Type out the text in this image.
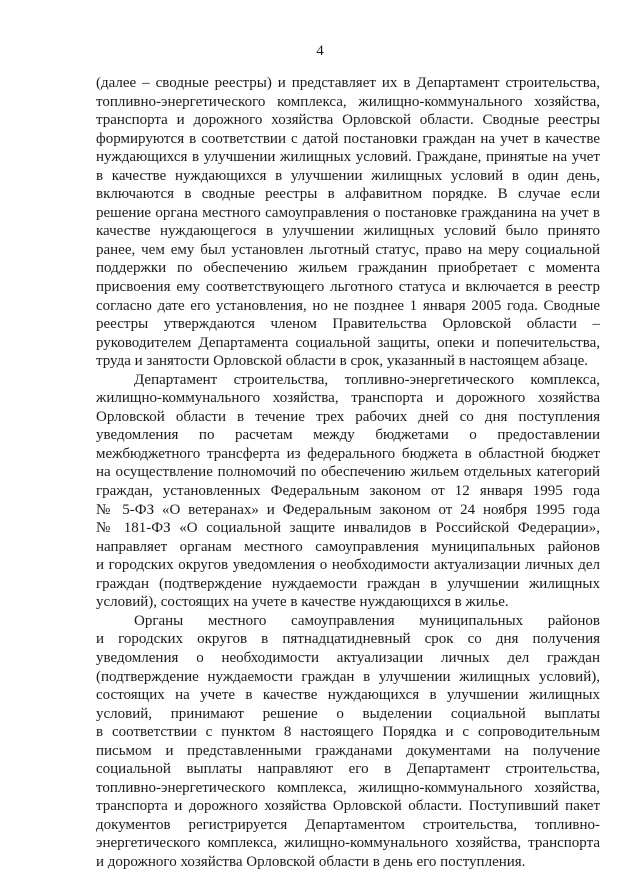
4

(далее – сводные реестры) и представляет их в Департамент строительства,

топливно-энергетического комплекса, жилищно-коммунального хозяйства,

транспорта и дорожного хозяйства Орловской области. Сводные реестры

формируются в соответствии с датой постановки граждан на учет в качестве

нуждающихся в улучшении жилищных условий. Граждане, принятые на учет

в качестве нуждающихся в улучшении жилищных условий в один день,

включаются в сводные реестры в алфавитном порядке. В случае если

решение органа местного самоуправления о постановке гражданина на учет в

качестве нуждающегося в улучшении жилищных условий было принято

ранее, чем ему был установлен льготный статус, право на меру социальной

поддержки по обеспечению жильем гражданин приобретает с момента

присвоения ему соответствующего льготного статуса и включается в реестр

согласно дате его установления, но не позднее 1 января 2005 года. Сводные

реестры утверждаются членом Правительства Орловской области –

руководителем Департамента социальной защиты, опеки и попечительства,

труда и занятости Орловской области в срок, указанный в настоящем абзаце.

Департамент строительства, топливно-энергетического комплекса,

жилищно-коммунального хозяйства, транспорта и дорожного хозяйства

Орловской области в течение трех рабочих дней со дня поступления

уведомления по расчетам между бюджетами о предоставлении

межбюджетного трансферта из федерального бюджета в областной бюджет

на осуществление полномочий по обеспечению жильем отдельных категорий

граждан, установленных Федеральным законом от 12 января 1995 года

№ 5-ФЗ «О ветеранах» и Федеральным законом от 24 ноября 1995 года

№ 181-ФЗ «О социальной защите инвалидов в Российской Федерации»,

направляет органам местного самоуправления муниципальных районов

и городских округов уведомления о необходимости актуализации личных дел

граждан (подтверждение нуждаемости граждан в улучшении жилищных

условий), состоящих на учете в качестве нуждающихся в жилье.

Органы местного самоуправления муниципальных районов

и городских округов в пятнадцатидневный срок со дня получения

уведомления о необходимости актуализации личных дел граждан

(подтверждение нуждаемости граждан в улучшении жилищных условий),

состоящих на учете в качестве нуждающихся в улучшении жилищных

условий, принимают решение о выделении социальной выплаты

в соответствии с пунктом 8 настоящего Порядка и с сопроводительным

письмом и представленными гражданами документами на получение

социальной выплаты направляют его в Департамент строительства,

топливно-энергетического комплекса, жилищно-коммунального хозяйства,

транспорта и дорожного хозяйства Орловской области. Поступивший пакет

документов регистрируется Департаментом строительства, топливно-

энергетического комплекса, жилищно-коммунального хозяйства, транспорта

и дорожного хозяйства Орловской области в день его поступления.
